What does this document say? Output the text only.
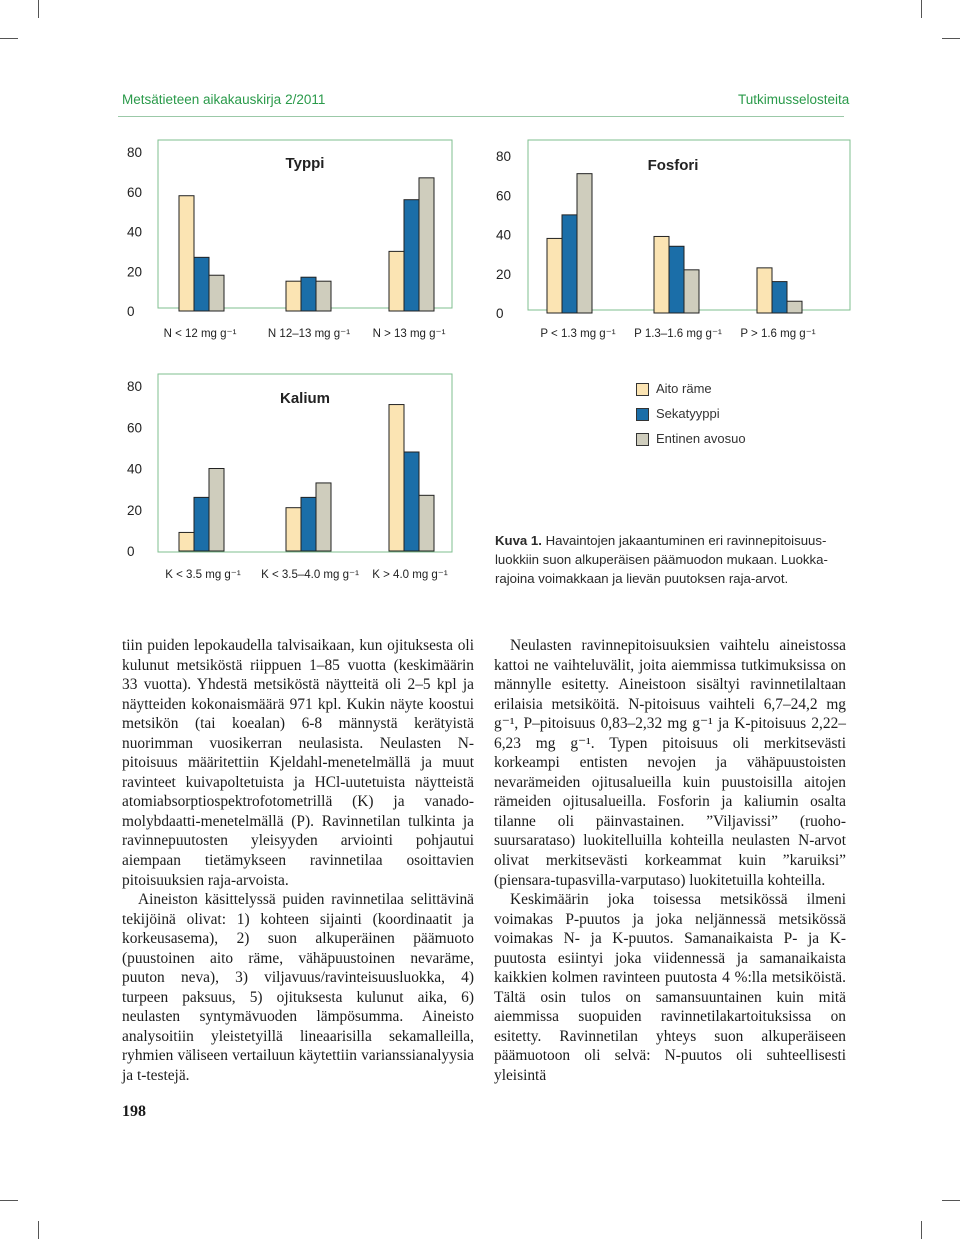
Metsätieteen aikakauskirja 2/2011	Tutkimusselosteita
80
60
40
20
0
Typpi
N < 12 mg g⁻¹	N 12–13 mg g⁻¹ N > 13 mg g⁻¹
80
60
40
20
0
Fosfori
P < 1.3 mg g⁻¹ P 1.3–1.6 mg g⁻¹ P > 1.6 mg g⁻¹
80
60
40
20
0
Kalium
K < 3.5 mg g⁻¹ K < 3.5–4.0 mg g⁻¹ K > 4.0 mg g⁻¹
Aito räme
Sekatyyppi
Entinen avosuo
Kuva 1. Havaintojen jakaantuminen eri ravinnepitoisuusluokkiin suon alkuperäisen päämuodon mukaan. Luokkarajoina voimakkaan ja lievän puutoksen raja-arvot.

tiin puiden lepokaudella talvisaikaan, kun ojituksesta oli kulunut metsiköstä riippuen 1–85 vuotta (keskimäärin 33 vuotta). Yhdestä metsiköstä näytteitä oli 2–5 kpl ja näytteiden kokonaismäärä 971 kpl. Kukin näyte koostui metsikön (tai koealan) 6-8 männystä kerätyistä nuorimman vuosikerran neulasista. Neulasten N-pitoisuus määritettiin Kjeldahl-menetelmällä ja muut ravinteet kuivapoltetuista ja HCl-uutetuista näytteistä atomiabsorptiospektrofotometrillä (K) ja vanado-molybdaatti-menetelmällä (P). Ravinnetilan tulkinta ja ravinnepuutosten yleisyyden arviointi pohjautui aiempaan tietämykseen ravinnetilaa osoittavien pitoisuuksien raja-arvoista.

Aineiston käsittelyssä puiden ravinnetilaa selittävinä tekijöinä olivat: 1) kohteen sijainti (koordinaatit ja korkeusasema), 2) suon alkuperäinen päämuoto (puustoinen aito räme, vähäpuustoinen nevaräme, puuton neva), 3) viljavuus/ravinteisuusluokka, 4) turpeen paksuus, 5) ojituksesta kulunut aika, 6) neulasten syntymävuoden lämpösumma. Aineisto analysoitiin yleistetyillä lineaarisilla sekamalleilla, ryhmien väliseen vertailuun käytettiin varianssianalyysia ja t-testejä.

Neulasten ravinnepitoisuuksien vaihtelu aineistossa kattoi ne vaihteluvälit, joita aiemmissa tutkimuksissa on männylle esitetty. Aineistoon sisältyi ravinnetilaltaan erilaisia metsiköitä. N-pitoisuus vaihteli 6,7–24,2 mg g⁻¹, P–pitoisuus 0,83–2,32 mg g⁻¹ ja K-pitoisuus 2,22–6,23 mg g⁻¹. Typen pitoisuus oli merkitsevästi korkeampi entisten nevojen ja vähäpuustoisten nevarämeiden ojitusalueilla kuin puustoisilla aitojen rämeiden ojitusalueilla. Fosforin ja kaliumin osalta tilanne oli päinvastainen. ”Viljavissi” (ruoho-suursarataso) luokitelluilla kohteilla neulasten N-arvot olivat merkitsevästi korkeammat kuin ”karuiksi” (piensara-tupasvilla-varputaso) luokitetuilla kohteilla.

Keskimäärin joka toisessa metsikössä ilmeni voimakas P-puutos ja joka neljännessä metsikössä voimakas N- ja K-puutos. Samanaikaista P- ja K-puutosta esiintyi joka viidennessä ja samanaikaista kaikkien kolmen ravinteen puutosta 4 %:lla metsiköistä. Tältä osin tulos on samansuuntainen kuin mitä aiemmissa suopuiden ravinnetilakartoituksissa on esitetty. Ravinnetilan yhteys suon alkuperäiseen päämuotoon oli selvä: N-puutos oli suhteellisesti yleisintä

198
